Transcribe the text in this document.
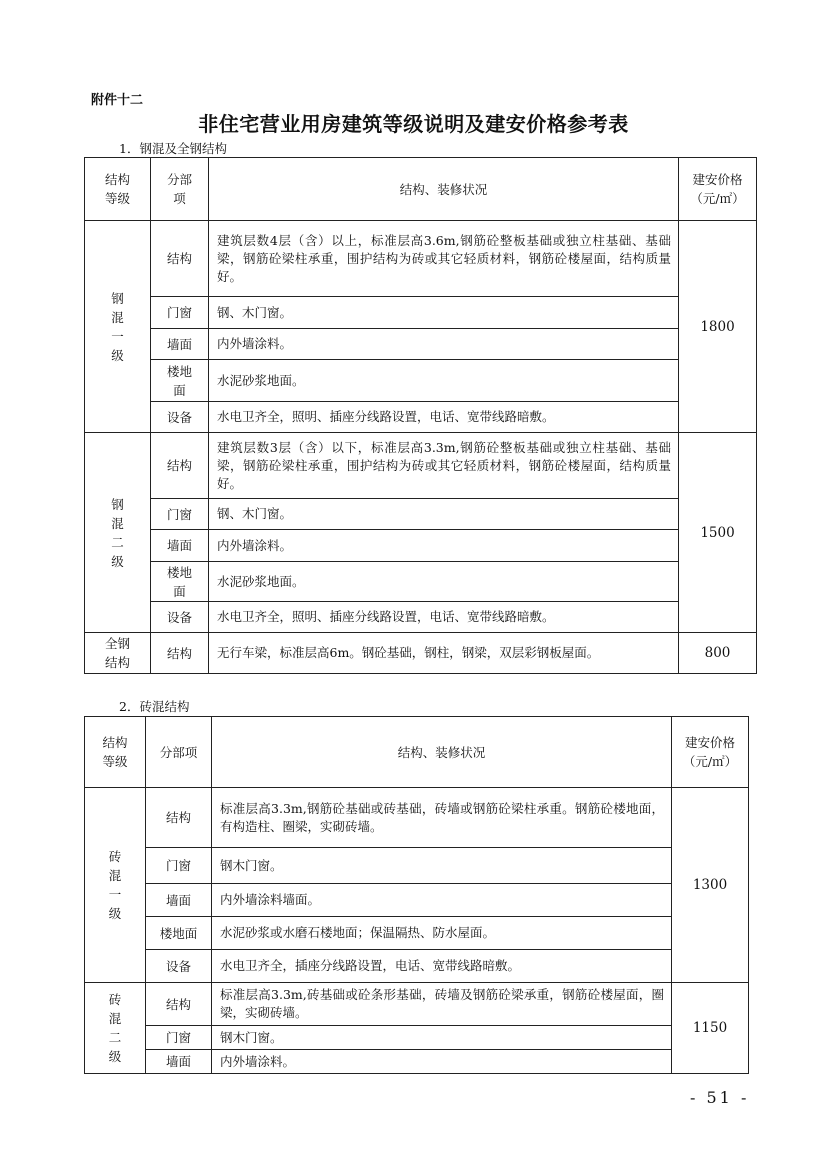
附件十二
非住宅营业用房建筑等级说明及建安价格参考表
1．钢混及全钢结构
结构等级	分部项	结构、装修状况	建安价格（元/㎡）

钢混一级	结构	建筑层数4层（含）以上，标准层高3.6m,钢筋砼整板基础或独立柱基础、基础梁，钢筋砼梁柱承重，围护结构为砖或其它轻质材料，钢筋砼楼屋面，结构质量好。	1800
	门窗	钢、木门窗。	
	墙面	内外墙涂料。	

	楼地面	水泥砂浆地面。	
	设备	水电卫齐全，照明、插座分线路设置，电话、宽带线路暗敷。	

钢混二级	结构	建筑层数3层（含）以下，标准层高3.3m,钢筋砼整板基础或独立柱基础、基础梁，钢筋砼梁柱承重，围护结构为砖或其它轻质材料，钢筋砼楼屋面，结构质量好。	1500
	门窗	钢、木门窗。	
	墙面	内外墙涂料。	

	楼地面	水泥砂浆地面。	
	设备	水电卫齐全，照明、插座分线路设置，电话、宽带线路暗敷。	

全钢结构	结构	无行车梁，标准层高6m。钢砼基础，钢柱，钢梁，双层彩钢板屋面。	800
2．砖混结构
结构等级	分部项	结构、装修状况	建安价格（元/㎡）

砖混一级	结构	标准层高3.3m,钢筋砼基础或砖基础，砖墙或钢筋砼梁柱承重。钢筋砼楼地面，有构造柱、圈梁，实砌砖墙。	1300
	门窗	钢木门窗。	
	墙面	内外墙涂料墙面。	
	楼地面	水泥砂浆或水磨石楼地面；保温隔热、防水屋面。	
	设备	水电卫齐全，插座分线路设置，电话、宽带线路暗敷。	

砖混二级	结构	标准层高3.3m,砖基础或砼条形基础，砖墙及钢筋砼梁承重，钢筋砼楼屋面，圈梁，实砌砖墙。	1150
	门窗	钢木门窗。	
	墙面	内外墙涂料。	
- 51 -
